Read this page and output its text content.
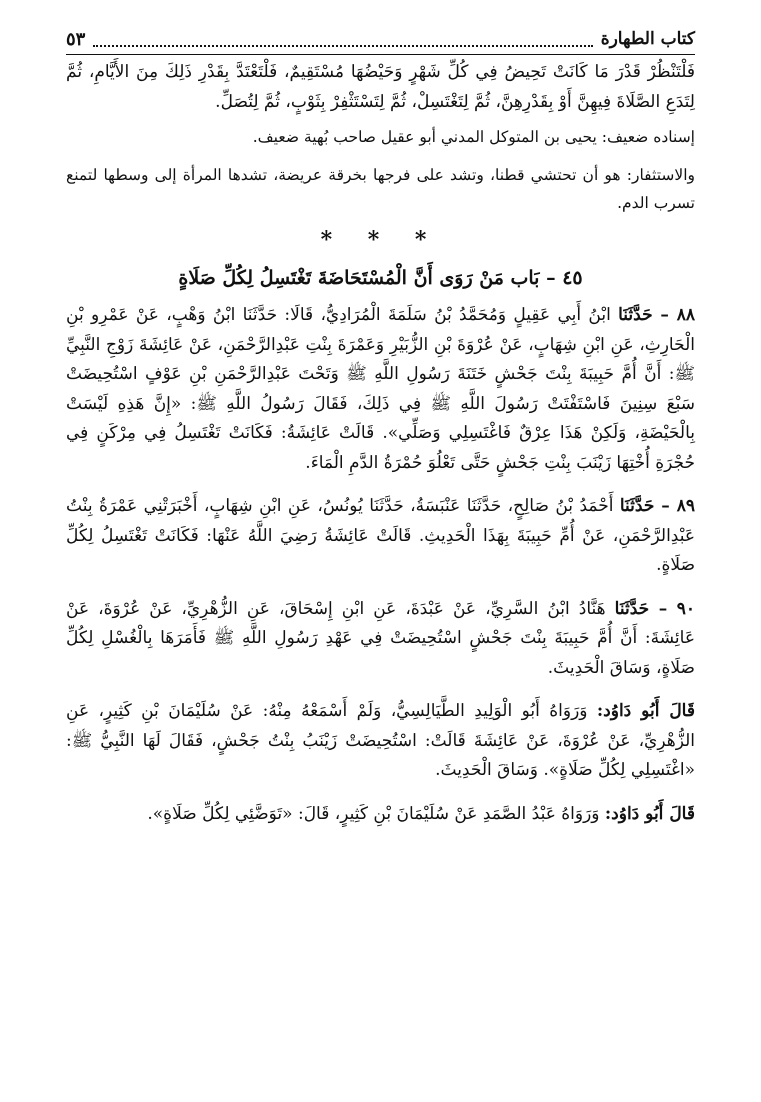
٥٣	كتاب الطهارة

فَلْتَنْظُرْ قَدْرَ مَا كَانَتْ تَحِيضُ فِي كُلِّ شَهْرٍ وَحَيْضُهَا مُسْتَقِيمٌ، فَلْتَعْتَدَّ بِقَدْرِ ذَلِكَ مِنَ الأَيَّامِ، ثُمَّ لِتَدَعِ الصَّلَاةَ فِيهِنَّ أَوْ بِقَدْرِهِنَّ، ثُمَّ لِتَغْتَسِلْ، ثُمَّ لِتَسْتَثْفِرْ بِثَوْبٍ، ثُمَّ لِتُصَلِّ.

إسناده ضعيف: يحيى بن المتوكل المدني أبو عقيل صاحب بُهية ضعيف.

والاستثفار: هو أن تحتشي قطنا، وتشد على فرجها بخرقة عريضة، تشدها المرأة إلى وسطها لتمنع تسرب الدم.

* * *
٤٥ – بَاب مَنْ رَوَى أَنَّ الْمُسْتَحَاضَةَ تَغْتَسِلُ لِكُلِّ صَلَاةٍ

٨٨ – حَدَّثَنَا ابْنُ أَبِي عَقِيلٍ وَمُحَمَّدُ بْنُ سَلَمَةَ الْمُرَادِيُّ، قَالَا: حَدَّثَنَا ابْنُ وَهْبٍ، عَنْ عَمْرِو بْنِ الْحَارِثِ، عَنِ ابْنِ شِهَابٍ، عَنْ عُرْوَةَ بْنِ الزُّبَيْرِ وَعَمْرَةَ بِنْتِ عَبْدِالرَّحْمَنِ، عَنْ عَائِشَةَ زَوْجِ النَّبِيِّ ﷺ: أَنَّ أُمَّ حَبِيبَةَ بِنْتَ جَحْشٍ خَتَنَةَ رَسُولِ اللَّهِ ﷺ وَتَحْتَ عَبْدِالرَّحْمَنِ بْنِ عَوْفٍ اسْتُحِيضَتْ سَبْعَ سِنِينَ فَاسْتَفْتَتْ رَسُولَ اللَّهِ ﷺ فِي ذَلِكَ، فَقَالَ رَسُولُ اللَّهِ ﷺ: «إِنَّ هَذِهِ لَيْسَتْ بِالْحَيْضَةِ، وَلَكِنْ هَذَا عِرْقٌ فَاغْتَسِلِي وَصَلِّي». قَالَتْ عَائِشَةُ: فَكَانَتْ تَغْتَسِلُ فِي مِرْكَنٍ فِي حُجْرَةِ أُخْتِهَا زَيْنَبَ بِنْتِ جَحْشٍ حَتَّى تَعْلُوَ حُمْرَةُ الدَّمِ الْمَاءَ.

٨٩ – حَدَّثَنَا أَحْمَدُ بْنُ صَالِحٍ، حَدَّثَنَا عَنْبَسَةُ، حَدَّثَنَا يُونُسُ، عَنِ ابْنِ شِهَابٍ، أَخْبَرَتْنِي عَمْرَةُ بِنْتُ عَبْدِالرَّحْمَنِ، عَنْ أُمِّ حَبِيبَةَ بِهَذَا الْحَدِيثِ. قَالَتْ عَائِشَةُ رَضِيَ اللَّهُ عَنْهَا: فَكَانَتْ تَغْتَسِلُ لِكُلِّ صَلَاةٍ.

٩٠ – حَدَّثَنَا هَنَّادُ ابْنُ السَّرِيِّ، عَنْ عَبْدَةَ، عَنِ ابْنِ إِسْحَاقَ، عَنِ الزُّهْرِيِّ، عَنْ عُرْوَةَ، عَنْ عَائِشَةَ: أَنَّ أُمَّ حَبِيبَةَ بِنْتَ جَحْشٍ اسْتُحِيضَتْ فِي عَهْدِ رَسُولِ اللَّهِ ﷺ فَأَمَرَهَا بِالْغُسْلِ لِكُلِّ صَلَاةٍ، وَسَاقَ الْحَدِيثَ.

قَالَ أَبُو دَاوُد: وَرَوَاهُ أَبُو الْوَلِيدِ الطَّيَالِسِيُّ، وَلَمْ أَسْمَعْهُ مِنْهُ: عَنْ سُلَيْمَانَ بْنِ كَثِيرٍ، عَنِ الزُّهْرِيِّ، عَنْ عُرْوَةَ، عَنْ عَائِشَةَ قَالَتْ: اسْتُحِيضَتْ زَيْنَبُ بِنْتُ جَحْشٍ، فَقَالَ لَهَا النَّبِيُّ ﷺ: «اغْتَسِلِي لِكُلِّ صَلَاةٍ». وَسَاقَ الْحَدِيثَ.

قَالَ أَبُو دَاوُد: وَرَوَاهُ عَبْدُ الصَّمَدِ عَنْ سُلَيْمَانَ بْنِ كَثِيرٍ، قَالَ: «تَوَضَّئِي لِكُلِّ صَلَاةٍ».
